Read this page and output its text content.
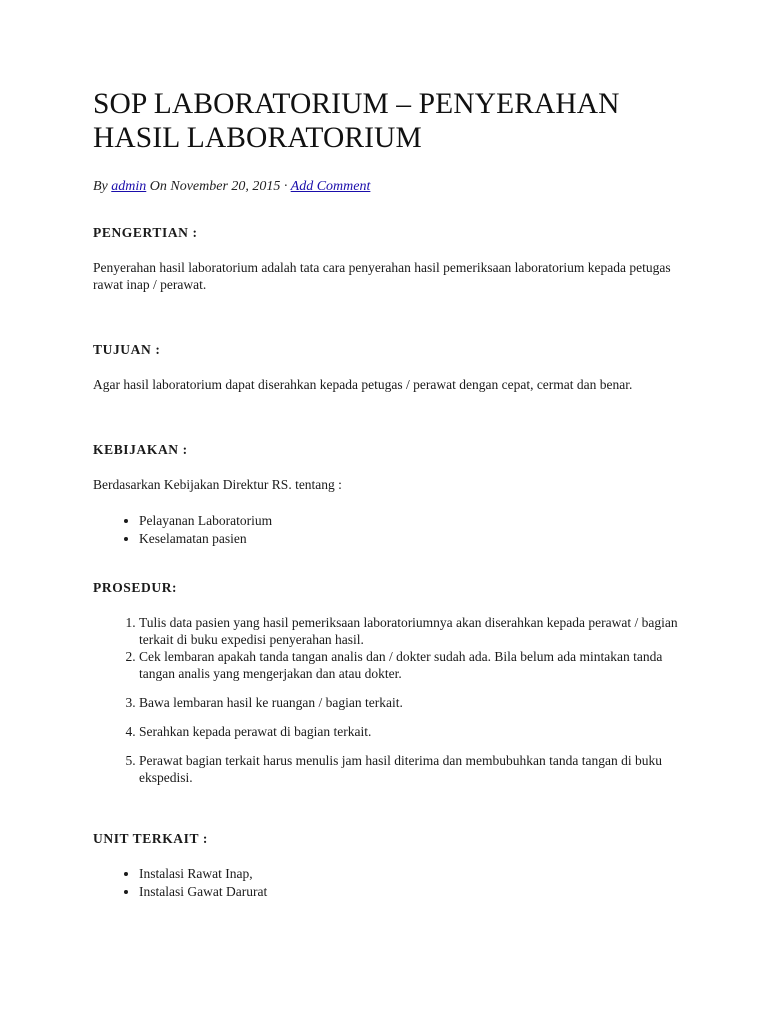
SOP LABORATORIUM – PENYERAHAN HASIL LABORATORIUM
By admin On November 20, 2015 · Add Comment
PENGERTIAN :

Penyerahan hasil laboratorium adalah tata cara penyerahan hasil pemeriksaan laboratorium kepada petugas rawat inap / perawat.

TUJUAN :

Agar hasil laboratorium dapat diserahkan kepada petugas / perawat dengan cepat, cermat dan benar.

KEBIJAKAN :

Berdasarkan Kebijakan Direktur RS. tentang :

• Pelayanan Laboratorium
• Keselamatan pasien
PROSEDUR:
1. Tulis data pasien yang hasil pemeriksaan laboratoriumnya akan diserahkan kepada perawat / bagian terkait di buku expedisi penyerahan hasil.
2. Cek lembaran apakah tanda tangan analis dan / dokter sudah ada. Bila belum ada mintakan tanda tangan analis yang mengerjakan dan atau dokter.
3. Bawa lembaran hasil ke ruangan / bagian terkait.
4. Serahkan kepada perawat di bagian terkait.
5. Perawat bagian terkait harus menulis jam hasil diterima dan membubuhkan tanda tangan di buku ekspedisi.
UNIT TERKAIT :
• Instalasi Rawat Inap,
• Instalasi Gawat Darurat
